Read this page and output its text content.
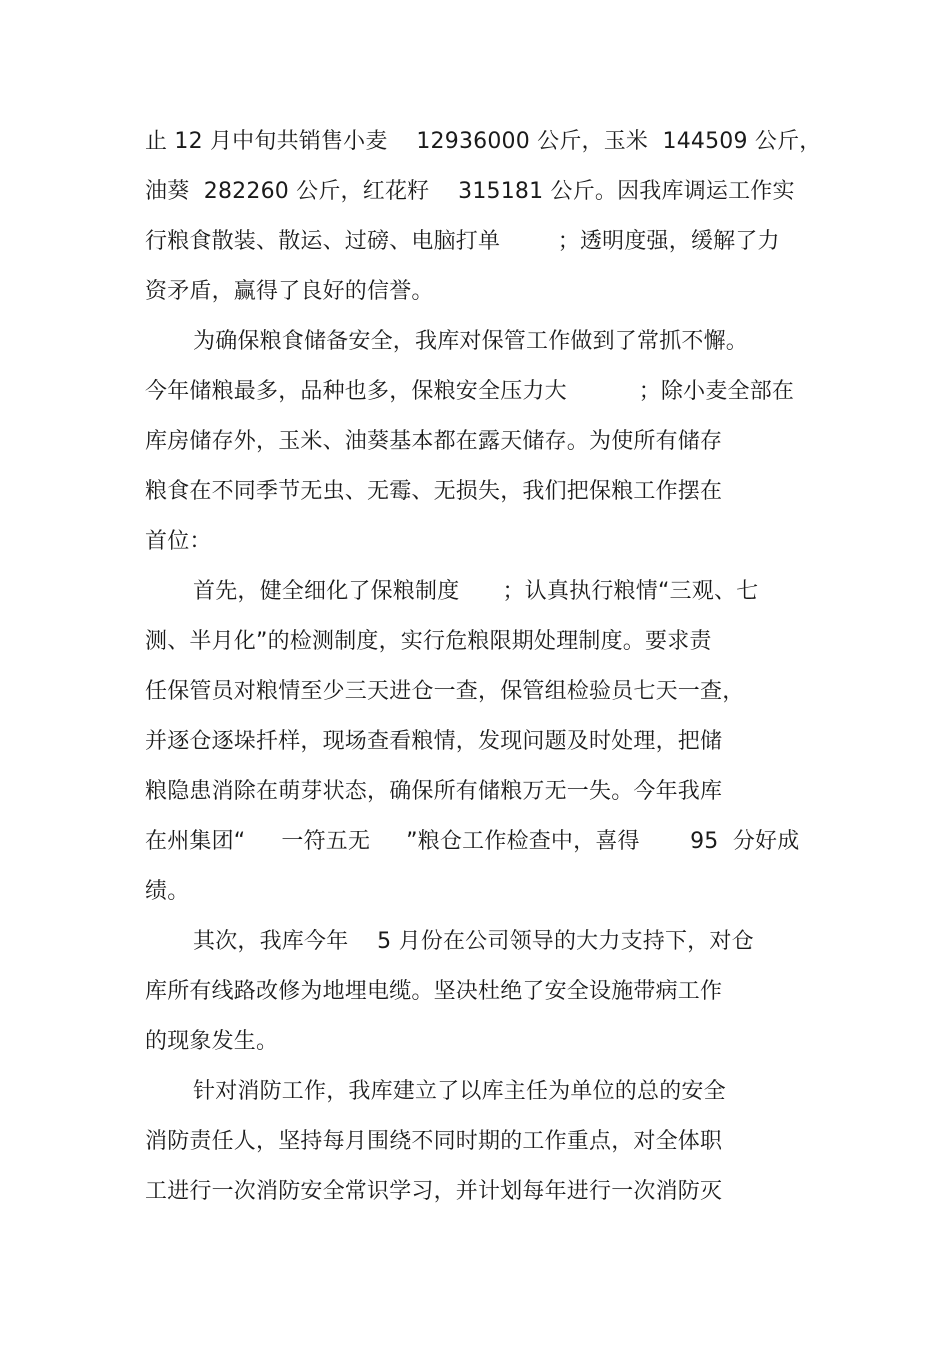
止 12 月中旬共销售小麦    12936000 公斤，玉米  144509 公斤，
油葵  282260 公斤，红花籽    315181 公斤。因我库调运工作实
行粮食散装、散运、过磅、电脑打单        ；透明度强，缓解了力
资矛盾，赢得了良好的信誉。
为确保粮食储备安全，我库对保管工作做到了常抓不懈。
今年储粮最多，品种也多，保粮安全压力大          ；除小麦全部在
库房储存外，玉米、油葵基本都在露天储存。为使所有储存
粮食在不同季节无虫、无霉、无损失，我们把保粮工作摆在
首位：
首先，健全细化了保粮制度      ；认真执行粮情“三观、七
测、半月化”的检测制度，实行危粮限期处理制度。要求责
任保管员对粮情至少三天进仓一查，保管组检验员七天一查，
并逐仓逐垛扦样，现场查看粮情，发现问题及时处理，把储
粮隐患消除在萌芽状态，确保所有储粮万无一失。今年我库
在州集团“     一符五无     ”粮仓工作检查中，喜得       95  分好成
绩。
其次，我库今年    5 月份在公司领导的大力支持下，对仓
库所有线路改修为地埋电缆。坚决杜绝了安全设施带病工作
的现象发生。
针对消防工作，我库建立了以库主任为单位的总的安全
消防责任人，坚持每月围绕不同时期的工作重点，对全体职
工进行一次消防安全常识学习，并计划每年进行一次消防灭
